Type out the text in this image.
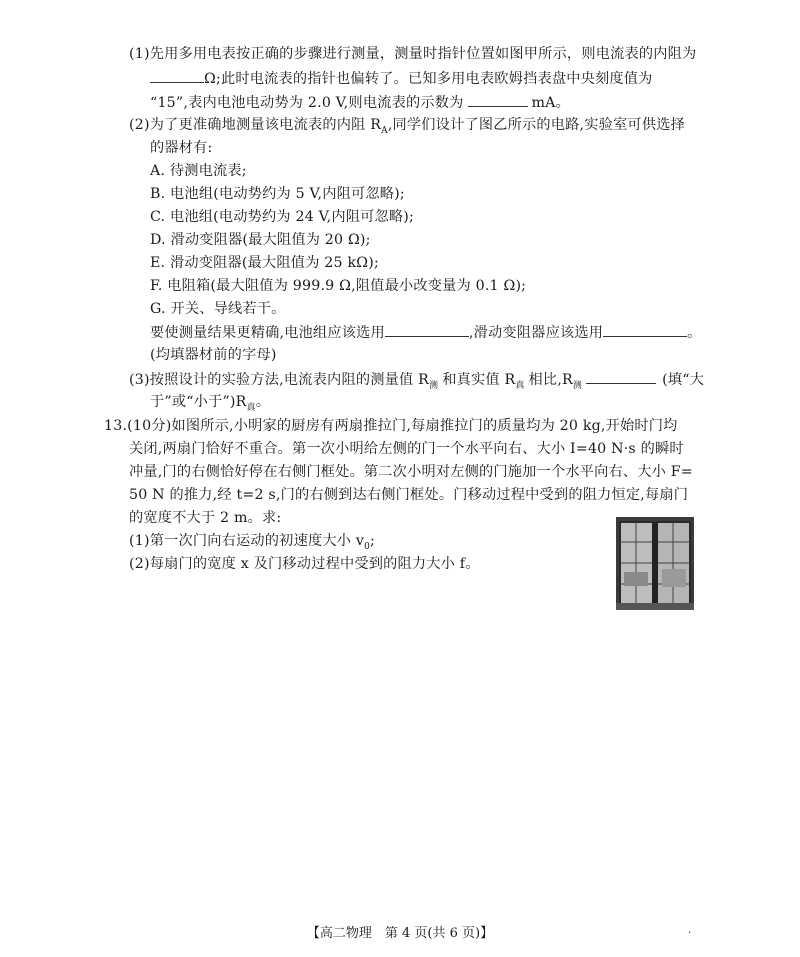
(1)先用多用电表按正确的步骤进行测量，测量时指针位置如图甲所示，则电流表的内阻为
Ω;此时电流表的指针也偏转了。已知多用电表欧姆挡表盘中央刻度值为
“15”,表内电池电动势为 2.0 V,则电流表的示数为	mA。
(2)为了更准确地测量该电流表的内阻 $R_A$,同学们设计了图乙所示的电路,实验室可供选择
的器材有:
A. 待测电流表;
B. 电池组(电动势约为 5 V,内阻可忽略);
C. 电池组(电动势约为 24 V,内阻可忽略);
D. 滑动变阻器(最大阻值为 20 Ω);
E. 滑动变阻器(最大阻值为 25 kΩ);
F. 电阻箱(最大阻值为 999.9 Ω,阻值最小改变量为 0.1 Ω);
G. 开关、导线若干。
要使测量结果更精确,电池组应该选用	,滑动变阻器应该选用	。
(均填器材前的字母)
(3)按照设计的实验方法,电流表内阻的测量值 $R_测$ 和真实值 $R_真$ 相比$,R_测$	(填“大
于”或“小于$”)R_真$。
13.(10分)如图所示,小明家的厨房有两扇推拉门,每扇推拉门的质量均为 20 kg,开始时门均
关闭,两扇门恰好不重合。第一次小明给左侧的门一个水平向右、大小 I=40 N·s 的瞬时
冲量,门的右侧恰好停在右侧门框处。第二次小明对左侧的门施加一个水平向右、大小 F=
50 N 的推力,经 t=2 s,门的右侧到达右侧门框处。门移动过程中受到的阻力恒定,每扇门
的宽度不大于 2 m。求:
(1)第一次门向右运动的初速度大小 $v_0$;
(2)每扇门的宽度 x 及门移动过程中受到的阻力大小 f。
【高二物理　第 4 页(共 6 页)】	·
